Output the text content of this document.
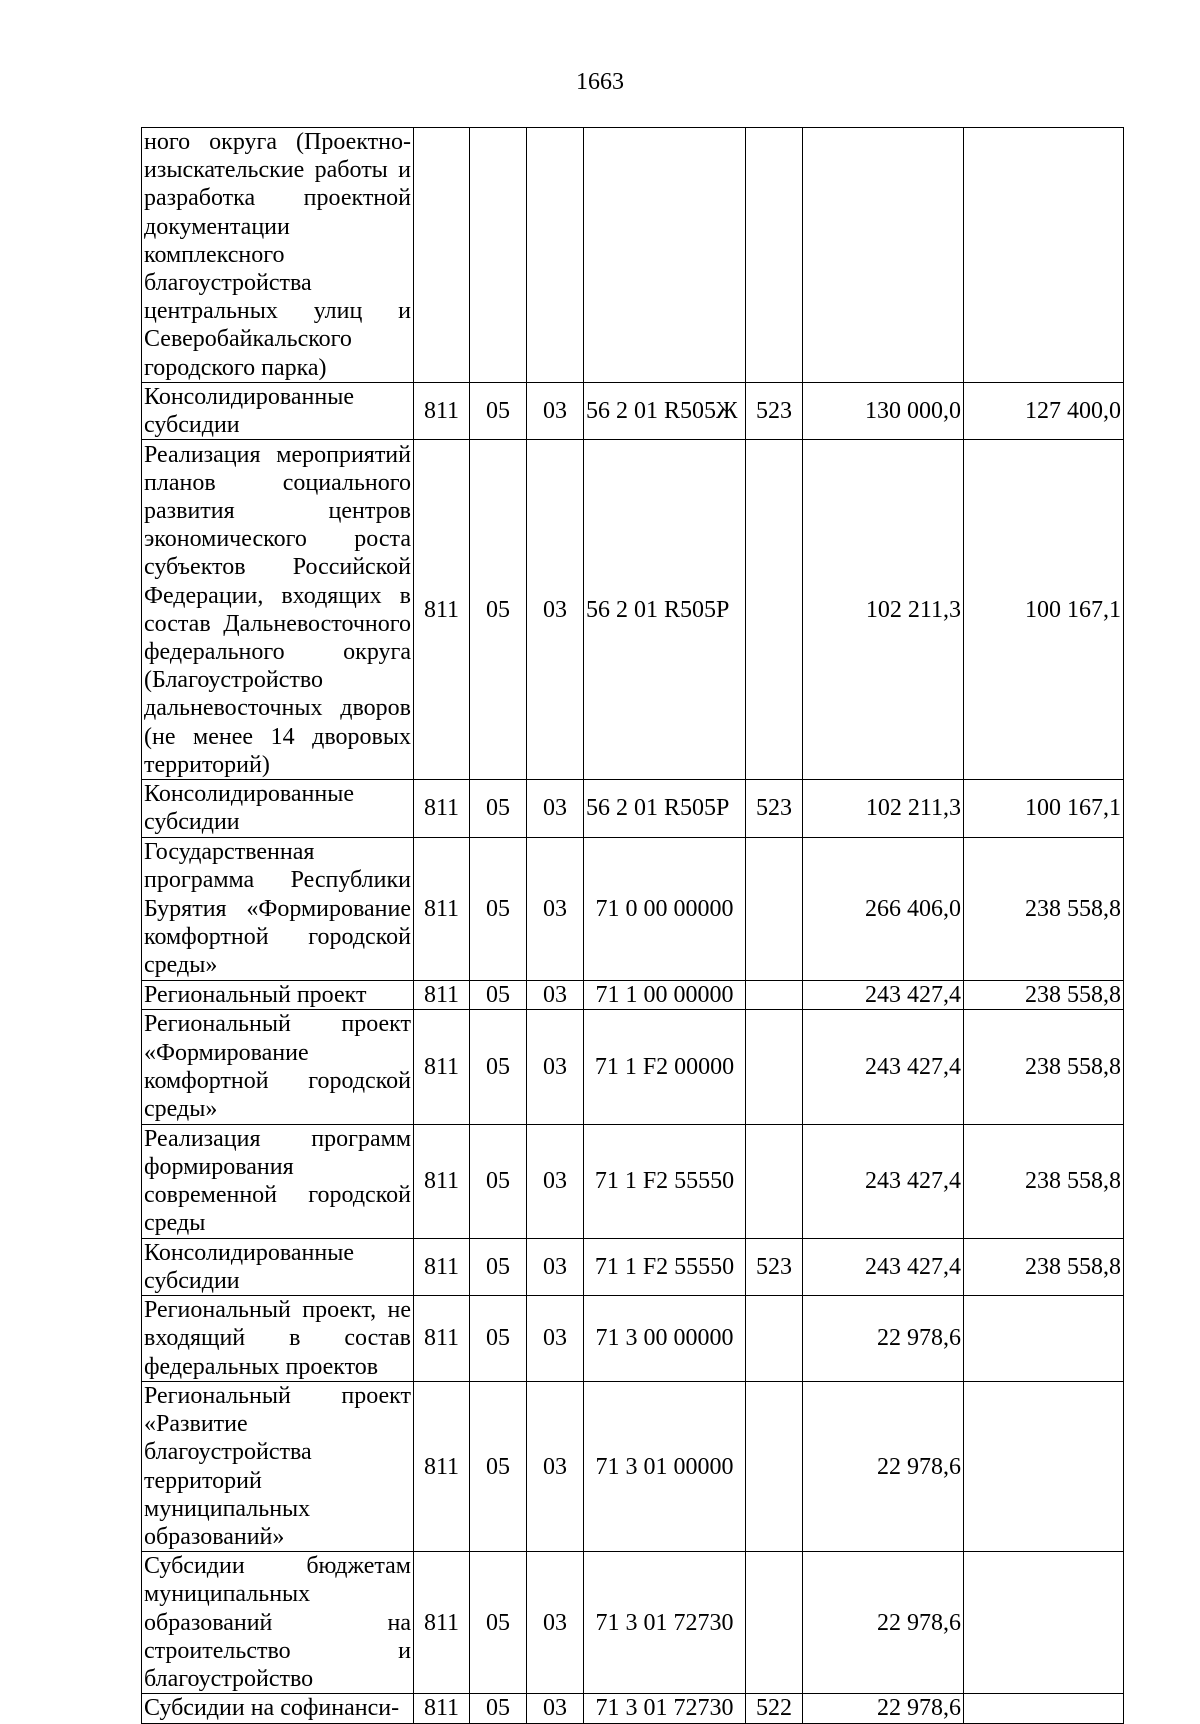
1663
ного округа (Проектно-изыскательские работы и разработка проектной документации комплексного благоустройства центральных улиц и Северобайкальского городского парка)							
Консолидированные субсидии	811	05	03	56 2 01 R505Ж	523	130 000,0	127 400,0
Реализация мероприятий планов социального развития центров экономического роста субъектов Российской Федерации, входящих в состав Дальневосточного федерального округа (Благоустройство дальневосточных дворов (не менее 14 дворовых территорий)	811	05	03	56 2 01 R505Р		102 211,3	100 167,1
Консолидированные субсидии	811	05	03	56 2 01 R505Р	523	102 211,3	100 167,1
Государственная программа Республики Бурятия «Формирование комфортной городской среды»	811	05	03	71 0 00 00000		266 406,0	238 558,8
Региональный проект	811	05	03	71 1 00 00000		243 427,4	238 558,8
Региональный проект «Формирование комфортной городской среды»	811	05	03	71 1 F2 00000		243 427,4	238 558,8
Реализация программ формирования современной городской среды	811	05	03	71 1 F2 55550		243 427,4	238 558,8
Консолидированные субсидии	811	05	03	71 1 F2 55550	523	243 427,4	238 558,8
Региональный проект, не входящий в состав федеральных проектов	811	05	03	71 3 00 00000		22 978,6	
Региональный проект «Развитие благоустройства территорий муниципальных образований»	811	05	03	71 3 01 00000		22 978,6	
Субсидии бюджетам муниципальных образований на строительство и благоустройство	811	05	03	71 3 01 72730		22 978,6	
Субсидии на софинанси-	811	05	03	71 3 01 72730	522	22 978,6	
